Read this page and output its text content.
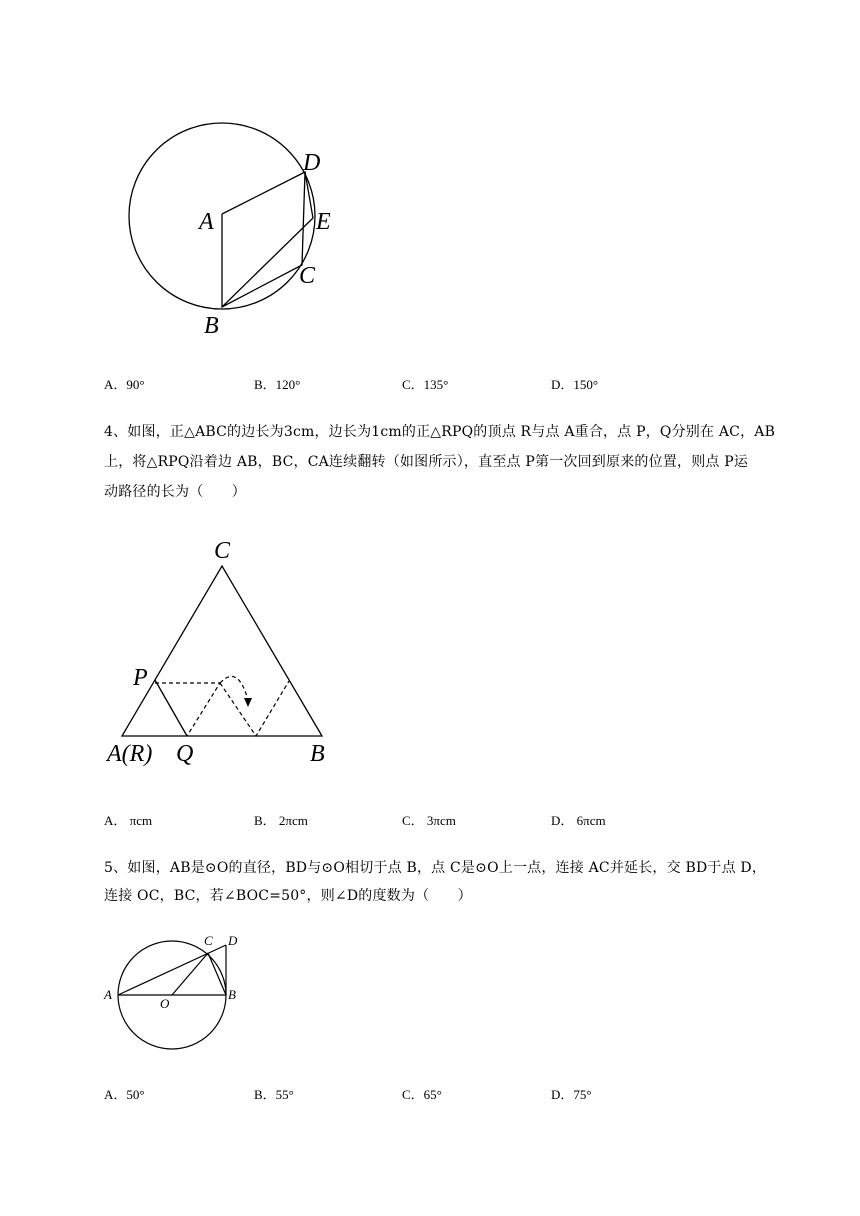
A
D
E
C
B
A．90°	B．120°	C．135°	D．150°
4、如图，正△ABC的边长为3cm，边长为1cm的正△RPQ的顶点 R与点 A重合，点 P，Q分别在 AC，AB
上，将△RPQ沿着边 AB，BC，CA连续翻转（如图所示），直至点 P第一次回到原来的位置，则点 P运
动路径的长为（　　）
C
P
A(R) Q	B
A． πcm	B． 2πcm	C． 3πcm	D． 6πcm
5、如图，AB是⊙O的直径，BD与⊙O相切于点 B，点 C是⊙O上一点，连接 AC并延长，交 BD于点 D，
连接 OC，BC，若∠BOC=50°，则∠D的度数为（　　）
A	B
C D
O
A．50°	B．55°	C．65°	D．75°
